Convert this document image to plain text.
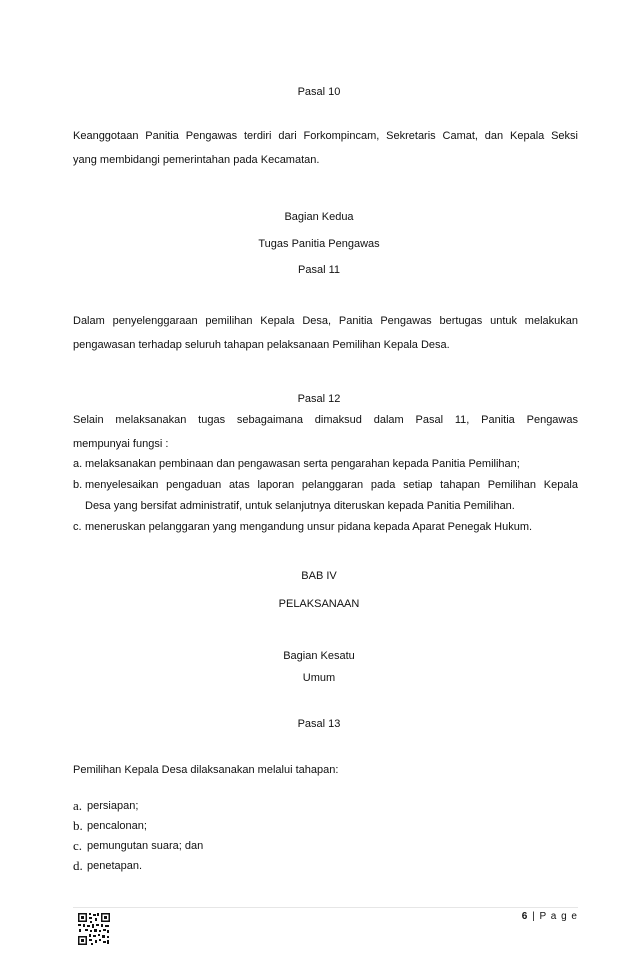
Pasal 10
Keanggotaan Panitia Pengawas terdiri dari Forkompincam, Sekretaris Camat, dan Kepala Seksi
yang membidangi pemerintahan pada Kecamatan.
Bagian Kedua
Tugas Panitia Pengawas
Pasal 11
Dalam penyelenggaraan pemilihan Kepala Desa, Panitia Pengawas bertugas untuk melakukan
pengawasan terhadap seluruh tahapan pelaksanaan Pemilihan Kepala Desa.
Pasal 12
Selain melaksanakan tugas sebagaimana dimaksud dalam Pasal 11, Panitia Pengawas
mempunyai fungsi :
a. melaksanakan pembinaan dan pengawasan serta pengarahan kepada Panitia Pemilihan;
b. menyelesaikan pengaduan atas laporan pelanggaran pada setiap tahapan Pemilihan Kepala
Desa yang bersifat administratif, untuk selanjutnya diteruskan kepada Panitia Pemilihan.
c. meneruskan pelanggaran yang mengandung unsur pidana kepada Aparat Penegak Hukum.
BAB IV
PELAKSANAAN
Bagian Kesatu
Umum
Pasal 13
Pemilihan Kepala Desa dilaksanakan melalui tahapan:
a. persiapan;
b. pencalonan;
c. pemungutan suara; dan
d. penetapan.
6 | P a g e
